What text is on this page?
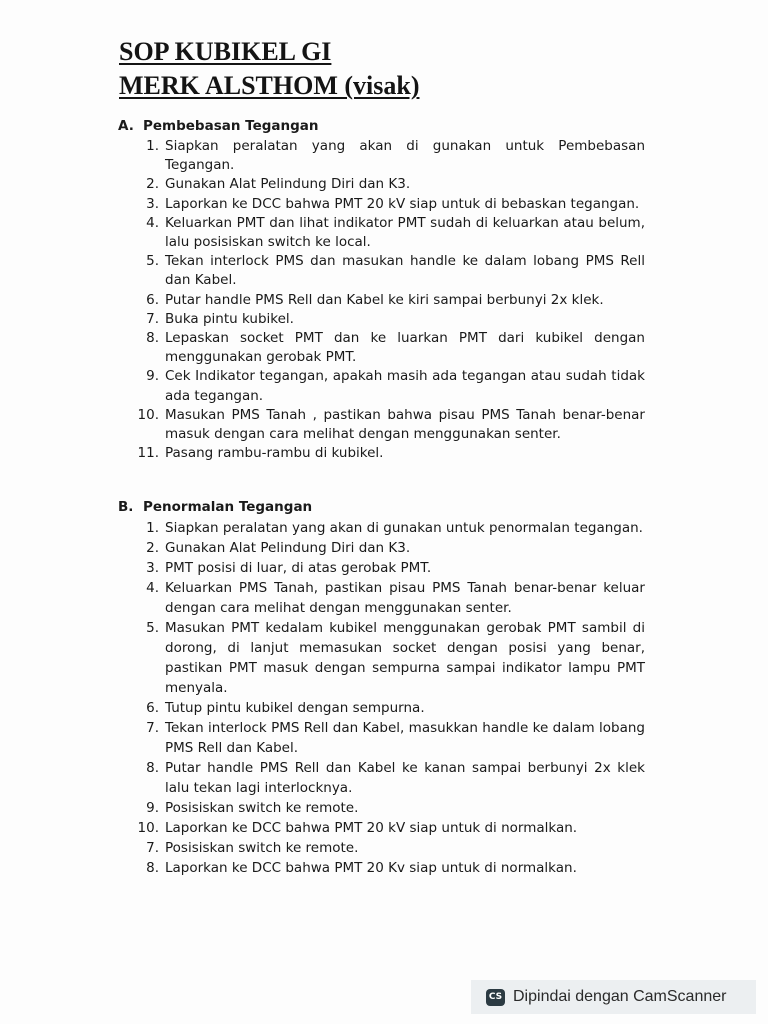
SOP KUBIKEL GI
MERK ALSTHOM (visak)
A. Pembebasan Tegangan
1. Siapkan peralatan yang akan di gunakan untuk Pembebasan Tegangan.
2. Gunakan Alat Pelindung Diri dan K3.
3. Laporkan ke DCC bahwa PMT 20 kV siap untuk di bebaskan tegangan.
4. Keluarkan PMT dan lihat indikator PMT sudah di keluarkan atau belum, lalu posisiskan switch ke local.
5. Tekan interlock PMS dan masukan handle ke dalam lobang PMS Rell dan Kabel.
6. Putar handle PMS Rell dan Kabel ke kiri sampai berbunyi 2x klek.
7. Buka pintu kubikel.
8. Lepaskan socket PMT dan ke luarkan PMT dari kubikel dengan menggunakan gerobak PMT.
9. Cek Indikator tegangan, apakah masih ada tegangan atau sudah tidak ada tegangan.
10. Masukan PMS Tanah , pastikan bahwa pisau PMS Tanah benar-benar masuk dengan cara melihat dengan menggunakan senter.
11. Pasang rambu-rambu di kubikel.
B. Penormalan Tegangan
1. Siapkan peralatan yang akan di gunakan untuk penormalan tegangan.
2. Gunakan Alat Pelindung Diri dan K3.
3. PMT posisi di luar, di atas gerobak PMT.
4. Keluarkan PMS Tanah, pastikan pisau PMS Tanah benar-benar keluar dengan cara melihat dengan menggunakan senter.
5. Masukan PMT kedalam kubikel menggunakan gerobak PMT sambil di dorong, di lanjut memasukan socket dengan posisi yang benar, pastikan PMT masuk dengan sempurna sampai indikator lampu PMT menyala.
6. Tutup pintu kubikel dengan sempurna.
7. Tekan interlock PMS Rell dan Kabel, masukkan handle ke dalam lobang PMS Rell dan Kabel.
8. Putar handle PMS Rell dan Kabel ke kanan sampai berbunyi 2x klek lalu tekan lagi interlocknya.
9. Posisiskan switch ke remote.
10. Laporkan ke DCC bahwa PMT 20 kV siap untuk di normalkan.
7. Posisiskan switch ke remote.
8. Laporkan ke DCC bahwa PMT 20 Kv siap untuk di normalkan.
CS Dipindai dengan CamScanner
